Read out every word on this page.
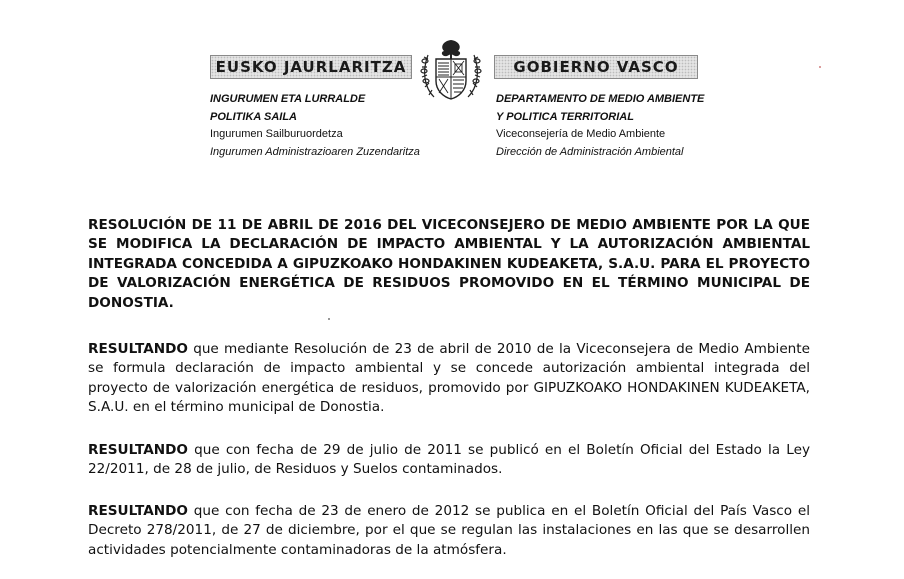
EUSKO JAURLARITZA	GOBIERNO VASCO
INGURUMEN ETA LURRALDE
POLITIKA SAILA
Ingurumen Sailburuordetza
Ingurumen Administrazioaren Zuzendaritza
DEPARTAMENTO DE MEDIO AMBIENTE
Y POLITICA TERRITORIAL
Viceconsejería de Medio Ambiente
Dirección de Administración Ambiental
RESOLUCIÓN DE 11 DE ABRIL DE 2016 DEL VICECONSEJERO DE MEDIO AMBIENTE POR LA QUE SE MODIFICA LA DECLARACIÓN DE IMPACTO AMBIENTAL Y LA AUTORIZACIÓN AMBIENTAL INTEGRADA CONCEDIDA A GIPUZKOAKO HONDAKINEN KUDEAKETA, S.A.U. PARA EL PROYECTO DE VALORIZACIÓN ENERGÉTICA DE RESIDUOS PROMOVIDO EN EL TÉRMINO MUNICIPAL DE DONOSTIA.
RESULTANDO que mediante Resolución de 23 de abril de 2010 de la Viceconsejera de Medio Ambiente se formula declaración de impacto ambiental y se concede autorización ambiental integrada del proyecto de valorización energética de residuos, promovido por GIPUZKOAKO HONDAKINEN KUDEAKETA, S.A.U. en el término municipal de Donostia.
RESULTANDO que con fecha de 29 de julio de 2011 se publicó en el Boletín Oficial del Estado la Ley 22/2011, de 28 de julio, de Residuos y Suelos contaminados.
RESULTANDO que con fecha de 23 de enero de 2012 se publica en el Boletín Oficial del País Vasco el Decreto 278/2011, de 27 de diciembre, por el que se regulan las instalaciones en las que se desarrollen actividades potencialmente contaminadoras de la atmósfera.
